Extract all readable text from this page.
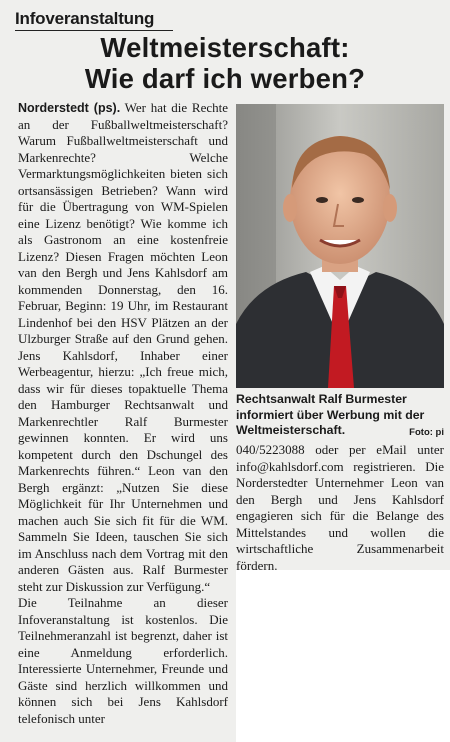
Infoveranstaltung
Weltmeisterschaft:
Wie darf ich werben?

Norderstedt (ps). Wer hat die Rechte an der Fußballweltmeisterschaft? Warum Fußballweltmeisterschaft und Markenrechte? Welche Vermarktungsmöglichkeiten bieten sich ortsansässigen Betrieben? Wann wird für die Übertragung von WM-Spielen eine Lizenz benötigt? Wie komme ich als Gastronom an eine kostenfreie Lizenz? Diesen Fragen möchten Leon van den Bergh und Jens Kahlsdorf am kommenden Donnerstag, den 16. Februar, Beginn: 19 Uhr, im Restaurant Lindenhof bei den HSV Plätzen an der Ulzburger Straße auf den Grund gehen. Jens Kahlsdorf, Inhaber einer Werbeagentur, hierzu: „Ich freue mich, dass wir für dieses topaktuelle Thema den Hamburger Rechtsanwalt und Markenrechtler Ralf Burmester gewinnen konnten. Er wird uns kompetent durch den Dschungel des Markenrechts führen.“ Leon van den Bergh ergänzt: „Nutzen Sie diese Möglichkeit für Ihr Unternehmen und machen auch Sie sich fit für die WM. Sammeln Sie Ideen, tauschen Sie sich im Anschluss nach dem Vortrag mit den anderen Gästen aus. Ralf Burmester steht zur Diskussion zur Verfügung.“

Die Teilnahme an dieser Infoveranstaltung ist kostenlos. Die Teilnehmeranzahl ist begrenzt, daher ist eine Anmeldung erforderlich. Interessierte Unternehmer, Freunde und Gäste sind herzlich willkommen und können sich bei Jens Kahlsdorf telefonisch unter

Rechtsanwalt Ralf Burmester informiert über Werbung mit der Weltmeisterschaft.	Foto: pi
040/5223088 oder per eMail unter info@kahlsdorf.com registrieren. Die Norderstedter Unternehmer Leon van den Bergh und Jens Kahlsdorf engagieren sich für die Belange des Mittelstandes und wollen die wirtschaftliche Zusammenarbeit fördern.
